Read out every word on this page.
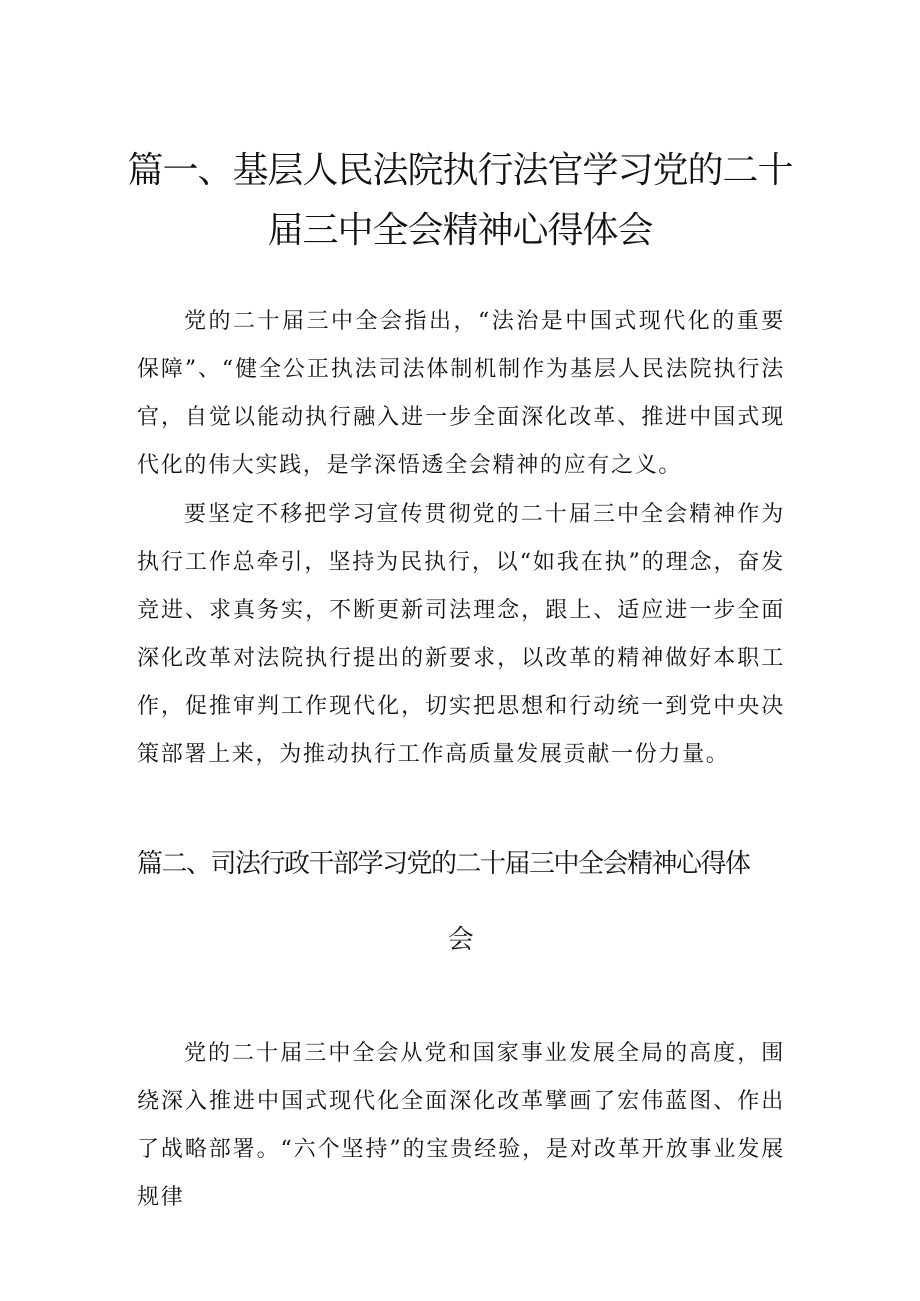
篇一、基层人民法院执行法官学习党的二十
届三中全会精神心得体会

党的二十届三中全会指出，“法治是中国式现代化的重要保障”、“健全公正执法司法体制机制作为基层人民法院执行法官，自觉以能动执行融入进一步全面深化改革、推进中国式现代化的伟大实践，是学深悟透全会精神的应有之义。

要坚定不移把学习宣传贯彻党的二十届三中全会精神作为执行工作总牵引，坚持为民执行，以“如我在执”的理念，奋发竞进、求真务实，不断更新司法理念，跟上、适应进一步全面深化改革对法院执行提出的新要求，以改革的精神做好本职工作，促推审判工作现代化，切实把思想和行动统一到党中央决策部署上来，为推动执行工作高质量发展贡献一份力量。

篇二、司法行政干部学习党的二十届三中全会精神心得体
会

党的二十届三中全会从党和国家事业发展全局的高度，围绕深入推进中国式现代化全面深化改革擘画了宏伟蓝图、作出了战略部署。“六个坚持”的宝贵经验，是对改革开放事业发展规律
